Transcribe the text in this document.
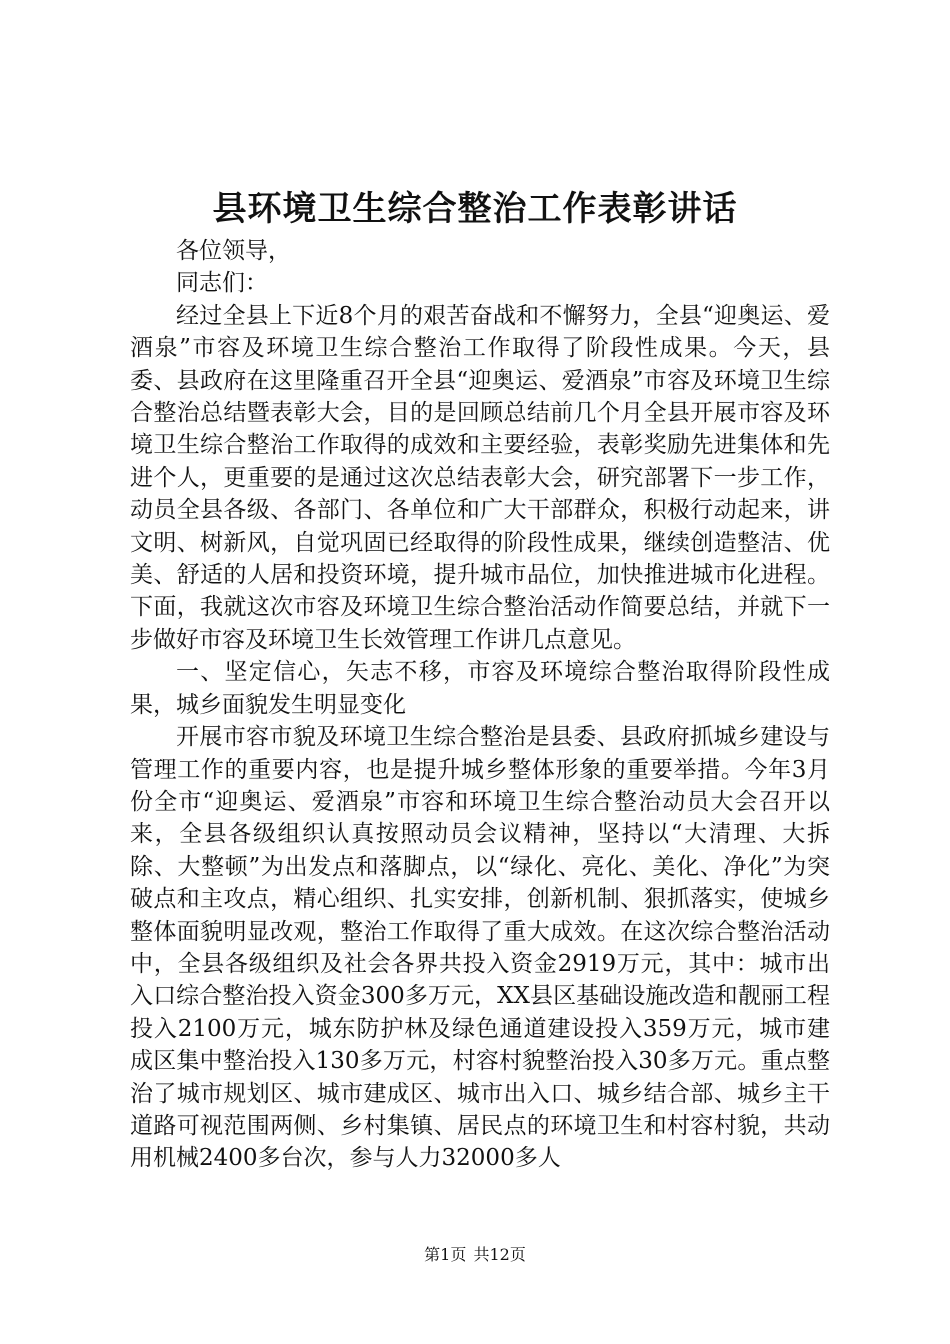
县环境卫生综合整治工作表彰讲话

各位领导，

同志们：

经过全县上下近8个月的艰苦奋战和不懈努力，全县“迎奥运、爱酒泉”市容及环境卫生综合整治工作取得了阶段性成果。今天，县委、县政府在这里隆重召开全县“迎奥运、爱酒泉”市容及环境卫生综合整治总结暨表彰大会，目的是回顾总结前几个月全县开展市容及环境卫生综合整治工作取得的成效和主要经验，表彰奖励先进集体和先进个人，更重要的是通过这次总结表彰大会，研究部署下一步工作，动员全县各级、各部门、各单位和广大干部群众，积极行动起来，讲文明、树新风，自觉巩固已经取得的阶段性成果，继续创造整洁、优美、舒适的人居和投资环境，提升城市品位，加快推进城市化进程。下面，我就这次市容及环境卫生综合整治活动作简要总结，并就下一步做好市容及环境卫生长效管理工作讲几点意见。

一、坚定信心，矢志不移，市容及环境综合整治取得阶段性成果，城乡面貌发生明显变化

开展市容市貌及环境卫生综合整治是县委、县政府抓城乡建设与管理工作的重要内容，也是提升城乡整体形象的重要举措。今年3月份全市“迎奥运、爱酒泉”市容和环境卫生综合整治动员大会召开以来，全县各级组织认真按照动员会议精神，坚持以“大清理、大拆除、大整顿”为出发点和落脚点，以“绿化、亮化、美化、净化”为突破点和主攻点，精心组织、扎实安排，创新机制、狠抓落实，使城乡整体面貌明显改观，整治工作取得了重大成效。在这次综合整治活动中，全县各级组织及社会各界共投入资金2919万元，其中：城市出入口综合整治投入资金300多万元，XX县区基础设施改造和靓丽工程投入2100万元，城东防护林及绿色通道建设投入359万元，城市建成区集中整治投入130多万元，村容村貌整治投入30多万元。重点整治了城市规划区、城市建成区、城市出入口、城乡结合部、城乡主干道路可视范围两侧、乡村集镇、居民点的环境卫生和村容村貌，共动用机械2400多台次，参与人力32000多人

第1页 共12页
